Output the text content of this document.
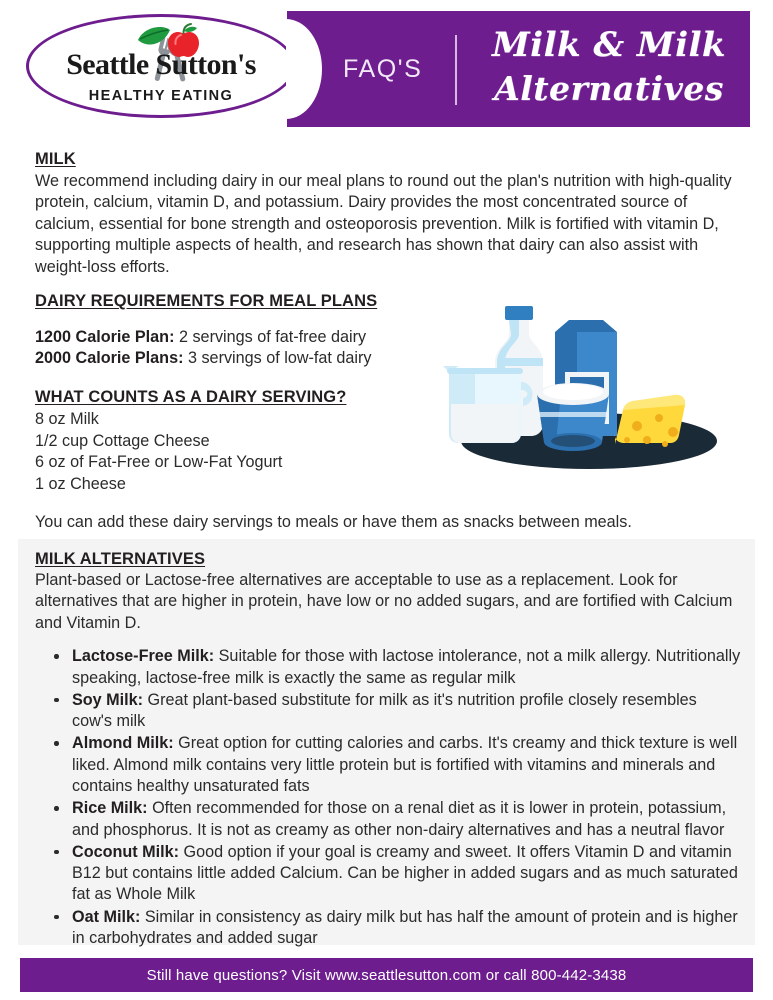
Seattle Sutton's
HEALTHY EATING
FAQ'S
Milk & Milk
Alternatives
MILK
We recommend including dairy in our meal plans to round out the plan's nutrition with high-quality protein, calcium, vitamin D, and potassium. Dairy provides the most concentrated source of calcium, essential for bone strength and osteoporosis prevention. Milk is fortified with vitamin D, supporting multiple aspects of health, and research has shown that dairy can also assist with weight-loss efforts.
DAIRY REQUIREMENTS FOR MEAL PLANS
1200 Calorie Plan: 2 servings of fat-free dairy
2000 Calorie Plans: 3 servings of low-fat dairy
WHAT COUNTS AS A DAIRY SERVING?
8 oz Milk
1/2 cup Cottage Cheese
6 oz of Fat-Free or Low-Fat Yogurt
1 oz Cheese
You can add these dairy servings to meals or have them as snacks between meals.
MILK ALTERNATIVES
Plant-based or Lactose-free alternatives are acceptable to use as a replacement. Look for alternatives that are higher in protein, have low or no added sugars, and are fortified with Calcium and Vitamin D.
Lactose-Free Milk: Suitable for those with lactose intolerance, not a milk allergy. Nutritionally speaking, lactose-free milk is exactly the same as regular milk
Soy Milk: Great plant-based substitute for milk as it's nutrition profile closely resembles cow's milk
Almond Milk: Great option for cutting calories and carbs. It's creamy and thick texture is well liked. Almond milk contains very little protein but is fortified with vitamins and minerals and contains healthy unsaturated fats
Rice Milk: Often recommended for those on a renal diet as it is lower in protein, potassium, and phosphorus. It is not as creamy as other non-dairy alternatives and has a neutral flavor
Coconut Milk: Good option if your goal is creamy and sweet. It offers Vitamin D and vitamin B12 but contains little added Calcium. Can be higher in added sugars and as much saturated fat as Whole Milk
Oat Milk: Similar in consistency as dairy milk but has half the amount of protein and is higher in carbohydrates and added sugar
Still have questions? Visit www.seattlesutton.com or call 800-442-3438
